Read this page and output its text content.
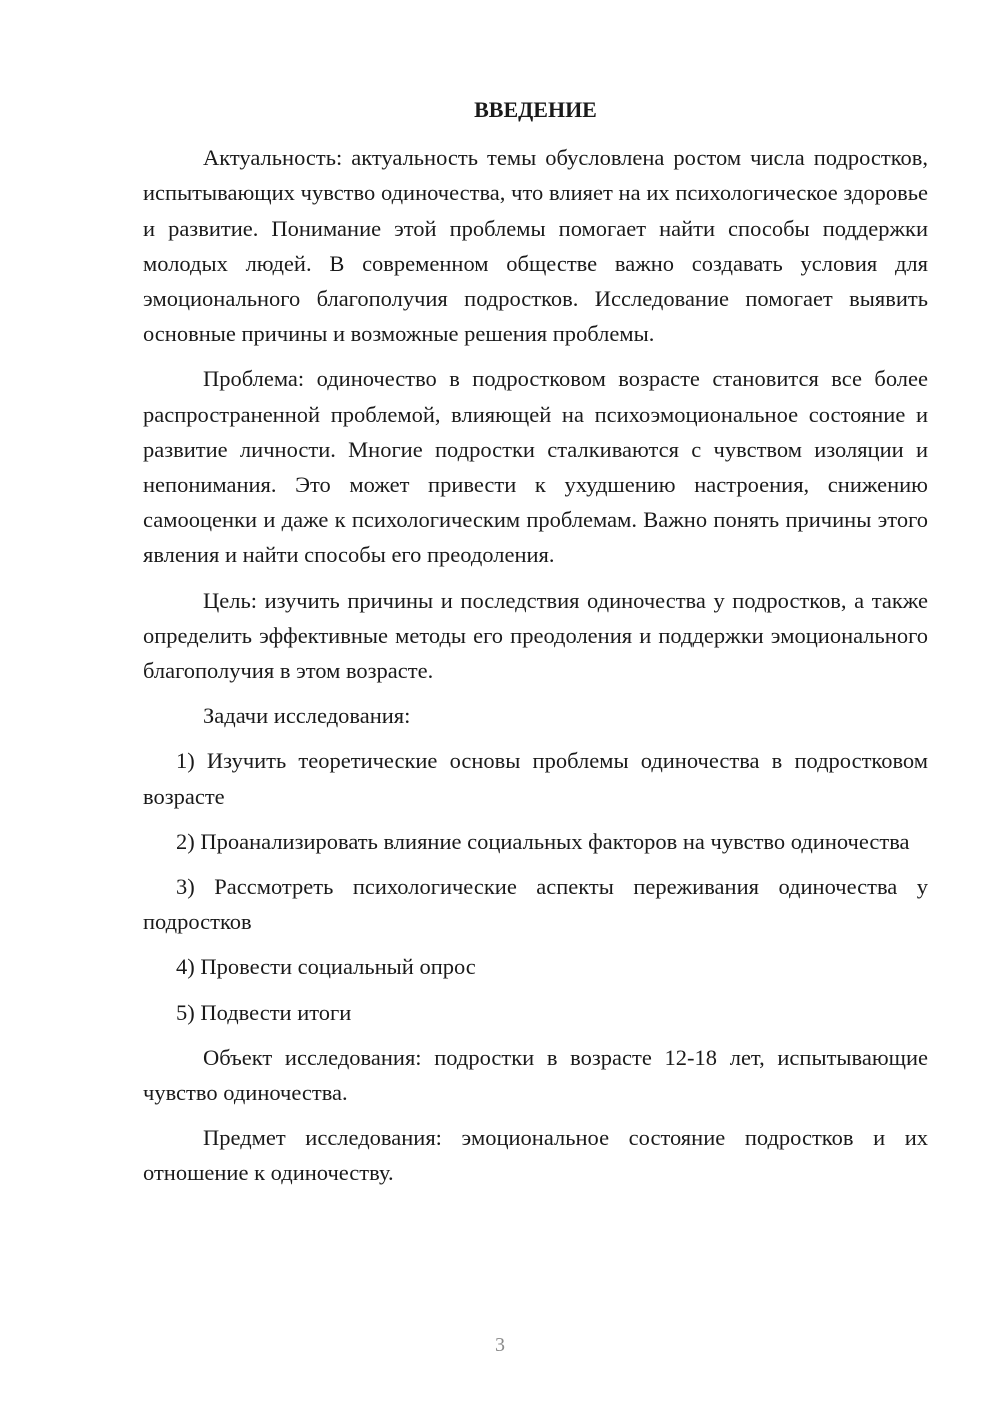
ВВЕДЕНИЕ

Актуальность: актуальность темы обусловлена ростом числа подростков, испытывающих чувство одиночества, что влияет на их психологическое здоровье и развитие. Понимание этой проблемы помогает найти способы поддержки молодых людей. В современном обществе важно создавать условия для эмоционального благополучия подростков. Исследование помогает выявить основные причины и возможные решения проблемы.

Проблема: одиночество в подростковом возрасте становится все более распространенной проблемой, влияющей на психоэмоциональное состояние и развитие личности. Многие подростки сталкиваются с чувством изоляции и непонимания. Это может привести к ухудшению настроения, снижению самооценки и даже к психологическим проблемам. Важно понять причины этого явления и найти способы его преодоления.

Цель: изучить причины и последствия одиночества у подростков, а также определить эффективные методы его преодоления и поддержки эмоционального благополучия в этом возрасте.

Задачи исследования:

1) Изучить теоретические основы проблемы одиночества в подростковом возрасте

2) Проанализировать влияние социальных факторов на чувство одиночества

3) Рассмотреть психологические аспекты переживания одиночества у подростков

4) Провести социальный опрос

5) Подвести итоги

Объект исследования: подростки в возрасте 12-18 лет, испытывающие чувство одиночества.

Предмет исследования: эмоциональное состояние подростков и их отношение к одиночеству.

3
